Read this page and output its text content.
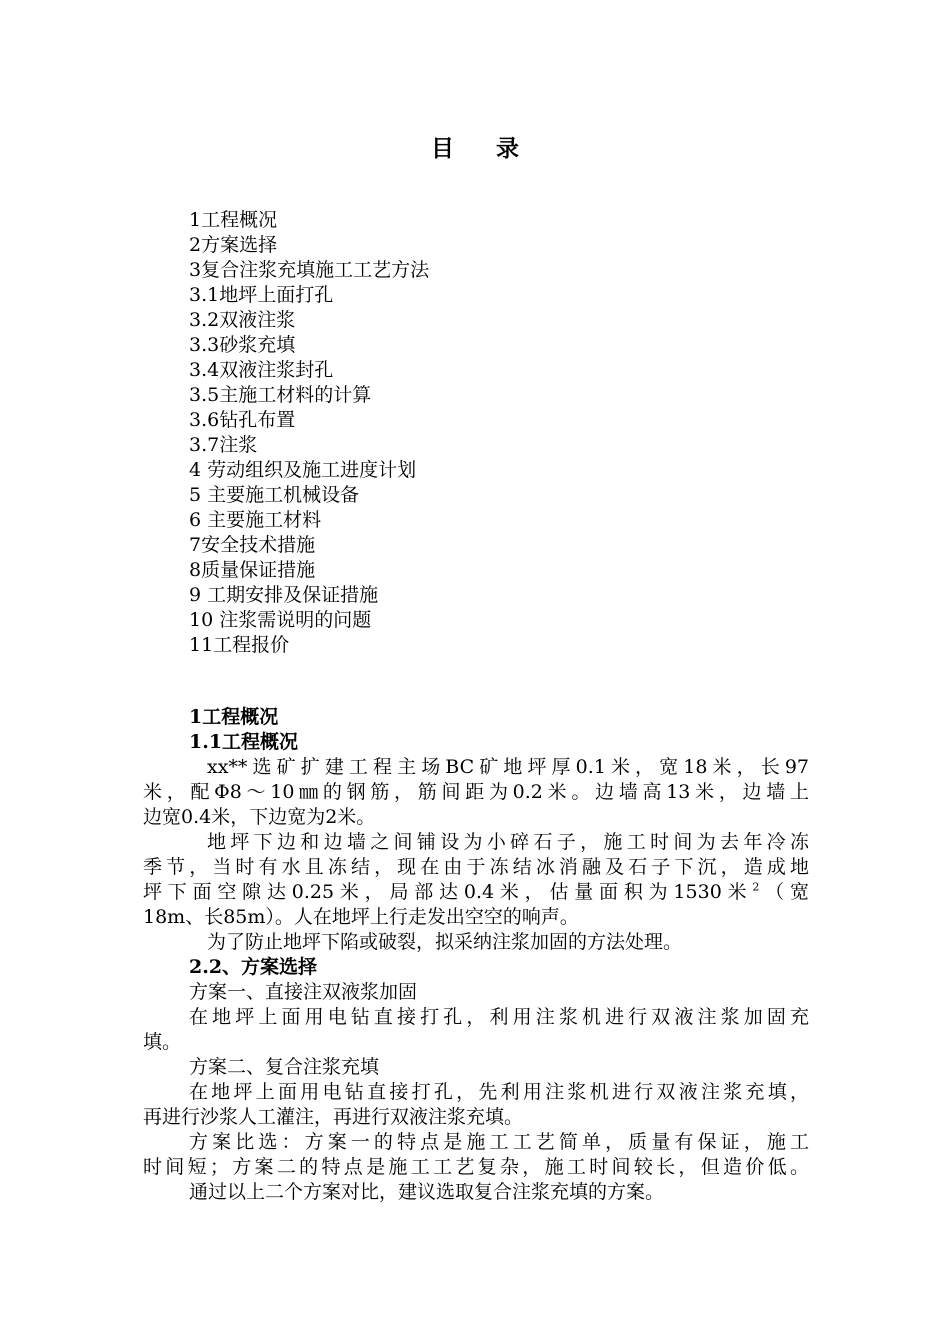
目 录
1工程概况
2方案选择
3复合注浆充填施工工艺方法
3.1地坪上面打孔
3.2双液注浆
3.3砂浆充填
3.4双液注浆封孔
3.5主施工材料的计算
3.6钻孔布置
3.7注浆
4 劳动组织及施工进度计划
5 主要施工机械设备
6 主要施工材料
7安全技术措施
8质量保证措施
9 工期安排及保证措施
10 注浆需说明的问题
11工程报价
1工程概况
1.1工程概况
xx**选矿扩建工程主场BC矿地坪厚0.1米，宽18米，长97
米，配Φ8～10㎜的钢筋，筋间距为0.2米。边墙高13米，边墙上
边宽0.4米，下边宽为2米。
地坪下边和边墙之间铺设为小碎石子，施工时间为去年冷冻
季节，当时有水且冻结，现在由于冻结冰消融及石子下沉，造成地
坪下面空隙达0.25米，局部达0.4米，估量面积为1530米$^2$（宽
18m、长85m）。人在地坪上行走发出空空的响声。
为了防止地坪下陷或破裂，拟采纳注浆加固的方法处理。
2.2、方案选择
方案一、直接注双液浆加固
在地坪上面用电钻直接打孔，利用注浆机进行双液注浆加固充
填。
方案二、复合注浆充填
在地坪上面用电钻直接打孔，先利用注浆机进行双液注浆充填，
再进行沙浆人工灌注，再进行双液注浆充填。
方案比选：方案一的特点是施工工艺简单，质量有保证，施工
时间短；方案二的特点是施工工艺复杂，施工时间较长，但造价低。
通过以上二个方案对比，建议选取复合注浆充填的方案。
